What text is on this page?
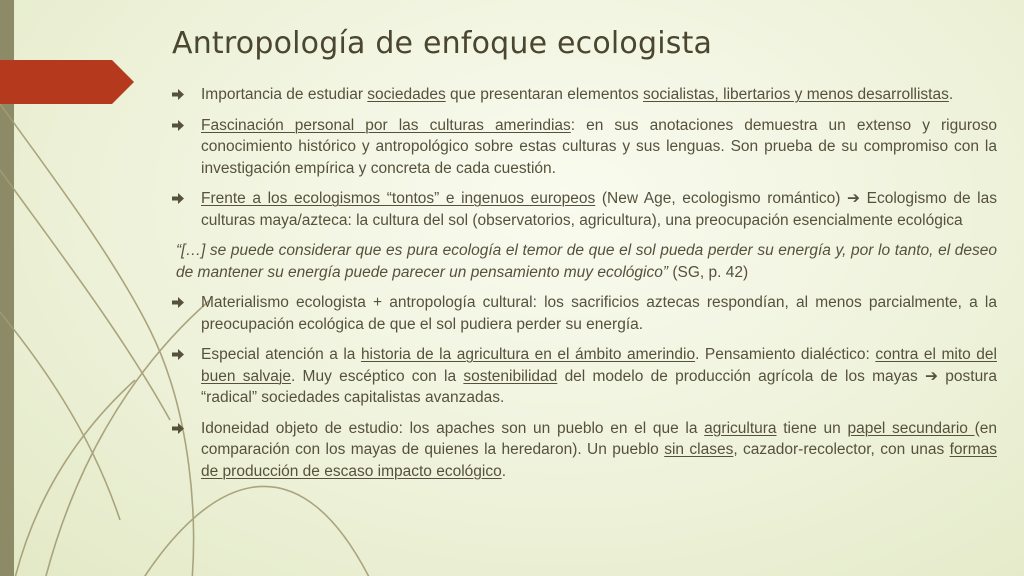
Antropología de enfoque ecologista
Importancia de estudiar sociedades que presentaran elementos socialistas, libertarios y menos desarrollistas.
Fascinación personal por las culturas amerindias: en sus anotaciones demuestra un extenso y riguroso conocimiento histórico y antropológico sobre estas culturas y sus lenguas. Son prueba de su compromiso con la investigación empírica y concreta de cada cuestión.
Frente a los ecologismos “tontos” e ingenuos europeos (New Age, ecologismo romántico) ➔ Ecologismo de las culturas maya/azteca: la cultura del sol (observatorios, agricultura), una preocupación esencialmente ecológica
“[…] se puede considerar que es pura ecología el temor de que el sol pueda perder su energía y, por lo tanto, el deseo de mantener su energía puede parecer un pensamiento muy ecológico” (SG, p. 42)
Materialismo ecologista + antropología cultural: los sacrificios aztecas respondían, al menos parcialmente, a la preocupación ecológica de que el sol pudiera perder su energía.
Especial atención a la historia de la agricultura en el ámbito amerindio. Pensamiento dialéctico: contra el mito del buen salvaje. Muy escéptico con la sostenibilidad del modelo de producción agrícola de los mayas ➔ postura “radical” sociedades capitalistas avanzadas.
Idoneidad objeto de estudio: los apaches son un pueblo en el que la agricultura tiene un papel secundario (en comparación con los mayas de quienes la heredaron). Un pueblo sin clases, cazador-recolector, con unas formas de producción de escaso impacto ecológico.
